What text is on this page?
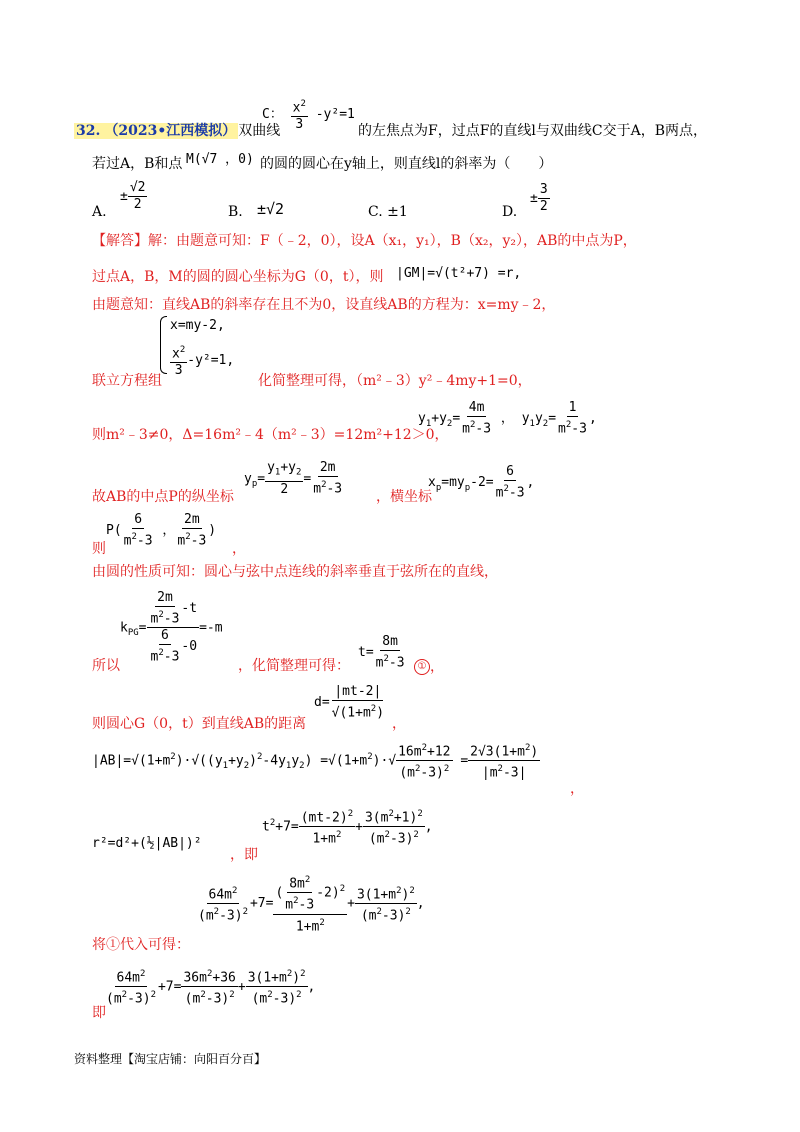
C： $\frac{x^2}{3} -y^2=1$
32. （2023•江西模拟） 双曲线	的左焦点为F，过点F的直线l与双曲线C交于A，B两点，
若过A，B和点 M(√7 ，0) 的圆的圆心在y轴上，则直线l的斜率为（　　）
A.
± $\frac{√2}{2}$	B. ±√2	C. ±1	D.
± $\frac{3}{2}$
【解答】解：由题意可知：F（﹣2，0），设A（x₁，y₁），B（x₂，y₂），AB的中点为P，
过点A，B，M的圆的圆心坐标为G（0，t），则 |GM|=√(t²+7) =r,
由题意知：直线AB的斜率存在且不为0，设直线AB的方程为：x=my﹣2，
x=my-2,
$\frac{x^2}{3} -y^2=1$,
联立方程组	化简整理可得，（m²﹣3）y²﹣4my+1=0，
则m²﹣3≠0，Δ=16m²﹣4（m²﹣3）=12m²+12＞0，
$y_1+y_2= \frac{4m}{m^2-3}$ ， $y_1y_2= \frac{1}{m^2-3}$ ,
$y_p= \frac{y_1+y_2}{2} = \frac{2m}{m^2-3}$
故AB的中点P的纵坐标	，横坐标
$x_p=my_p-2= \frac{6}{m^2-3}$ ,
$P( \frac{6}{m^2-3}$ ， $\frac{2m}{m^2-3}$ )
则	，
由圆的性质可知：圆心与弦中点连线的斜率垂直于弦所在的直线，
$k_{PG}= \frac{\frac{2m}{m^2-3} -t}{\frac{6}{m^2-3} -0} =-m$
所以	，化简整理可得：
$t= \frac{8m}{m^2-3}$	① ，
$d= \frac{|mt-2|}{√(1+m^2)}$
则圆心G（0，t）到直线AB的距离	，
$|AB|=√(1+m^2)\cdot√((y_1+y_2)^2-4y_1y_2) =√(1+m^2)\cdot√ \frac{16m^2+12}{(m^2-3)^2} = \frac{2√3(1+m^2)}{|m^2-3|}$
，
r²=d²+(½|AB|)²
，即
$t^2+7= \frac{(mt-2)^2}{1+m^2} + \frac{3(m^2+1)^2}{(m^2-3)^2}$ ,
$\frac{64m^2}{(m^2-3)^2} +7= \frac{( \frac{8m^2}{m^2-3} -2)^2}{1+m^2} + \frac{3(1+m^2)^2}{(m^2-3)^2}$ ,
将①代入可得：
$\frac{64m^2}{(m^2-3)^2} +7= \frac{36m^2+36}{(m^2-3)^2} + \frac{3(1+m^2)^2}{(m^2-3)^2}$ ,
即
资料整理【淘宝店铺：向阳百分百】
